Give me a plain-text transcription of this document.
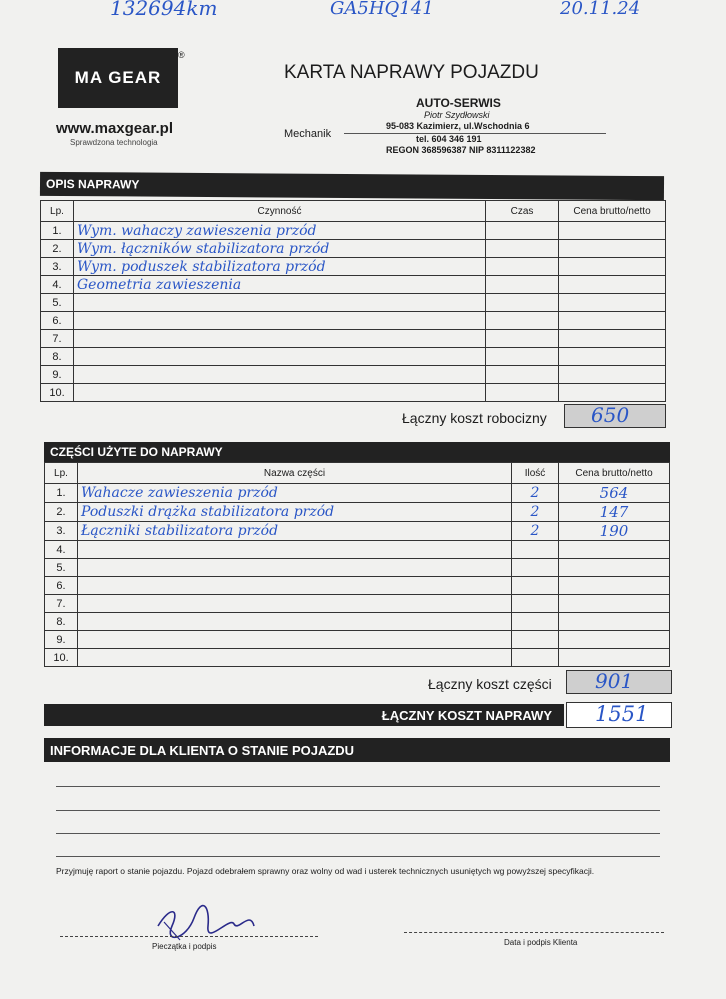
132694km	GA5HQ141	20.11.24
MA GEAR
®
www.maxgear.pl
Sprawdzona technologia
KARTA NAPRAWY POJAZDU
AUTO-SERWIS
Piotr Szydłowski
95-083 Kazimierz, ul.Wschodnia 6
Mechanik	tel. 604 346 191
REGON 368596387 NIP 8311122382
OPIS NAPRAWY
Lp.	Czynność	Czas	Cena brutto/netto
1.	Wym. wahaczy zawieszenia przód		
2.	Wym. łączników stabilizatora przód		
3.	Wym. poduszek stabilizatora przód		
4.	Geometria zawieszenia		
5.			
6.			
7.			
8.			
9.			
10.			
Łączny koszt robocizny 650
CZĘŚCI UŻYTE DO NAPRAWY
Lp.	Nazwa części	Ilość	Cena brutto/netto
1.	Wahacze zawieszenia przód	2	564
2.	Poduszki drążka stabilizatora przód	2	147
3.	Łączniki stabilizatora przód	2	190
4.			
5.			
6.			
7.			
8.			
9.			
10.			
Łączny koszt części 901
ŁĄCZNY KOSZT NAPRAWY 1551
INFORMACJE DLA KLIENTA O STANIE POJAZDU
Przyjmuję raport o stanie pojazdu. Pojazd odebrałem sprawny oraz wolny od wad i usterek technicznych usuniętych wg powyższej specyfikacji.
Pieczątka i podpis	Data i podpis Klienta
